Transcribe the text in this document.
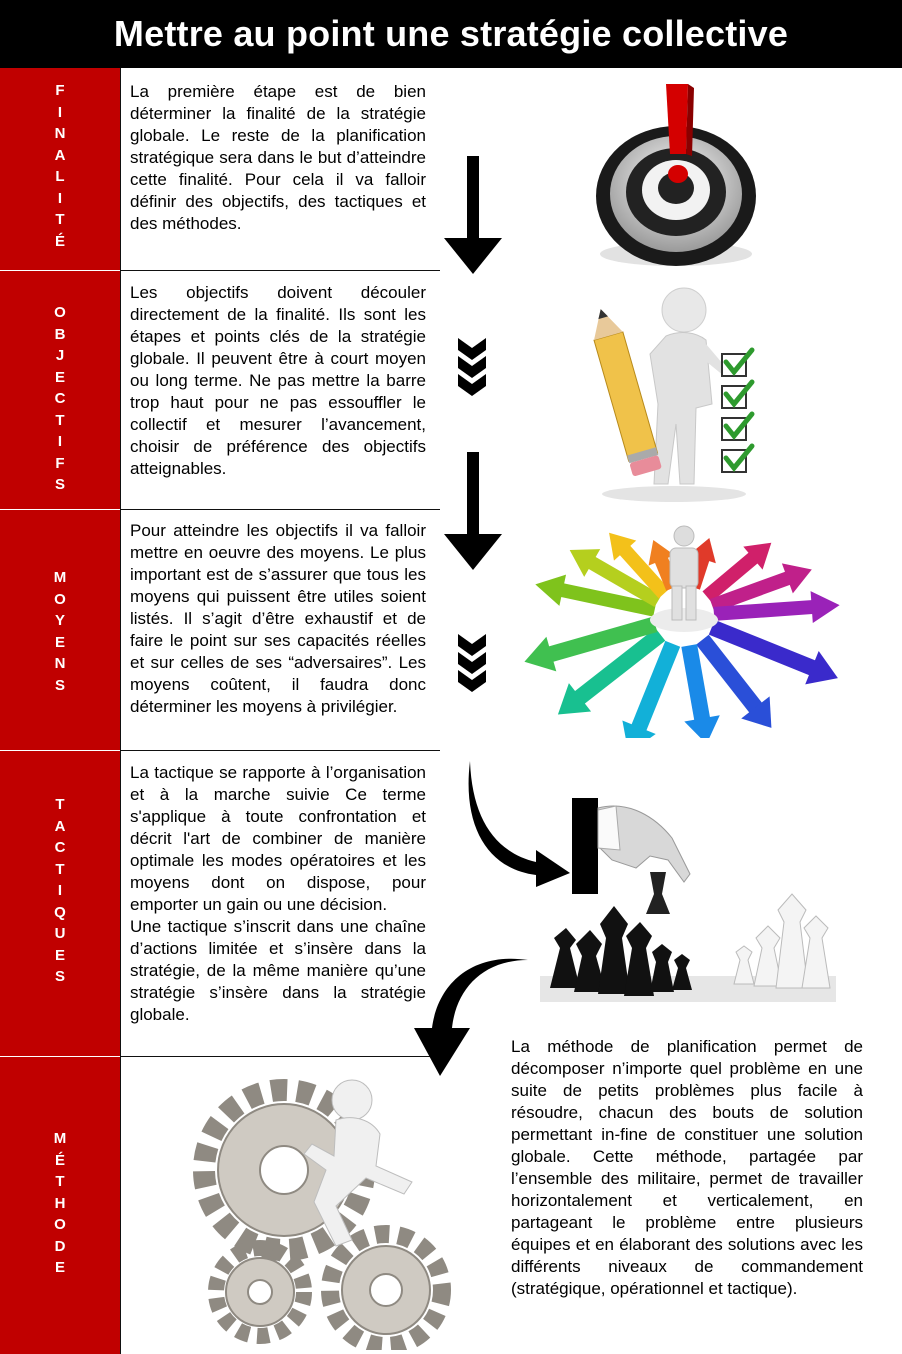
Mettre au point une stratégie collective
F
I
N
A
L
I
T
É
O
B
J
E
C
T
I
F
S
M
O
Y
E
N
S
T
A
C
T
I
Q
U
E
S
M
É
T
H
O
D
E
La première étape est de bien déterminer la finalité de la stratégie globale. Le reste de la planification stratégique sera dans le but d’atteindre cette finalité. Pour cela il va falloir définir des objectifs, des tactiques et des méthodes.
Les objectifs doivent découler directement de la finalité. Ils sont les étapes et points clés de la stratégie globale. Il peuvent être à court moyen ou long terme. Ne pas mettre la barre trop haut pour ne pas essouffler le collectif et mesurer l’avancement, choisir de préférence des objectifs atteignables.
Pour atteindre les objectifs il va falloir mettre en oeuvre des moyens. Le plus important est de s’assurer que tous les moyens qui puissent être utiles soient listés. Il s’agit d’être exhaustif et de faire le point sur ses capacités réelles et sur celles de ses “adversaires”. Les moyens coûtent, il faudra donc déterminer les moyens à privilégier.
La tactique se rapporte à l’organisation et à la marche suivie Ce terme s'applique à toute confrontation et décrit l'art de combiner de manière optimale les modes opératoires et les moyens dont on dispose, pour emporter un gain ou une décision.
Une tactique s’inscrit dans une chaîne d’actions limitée et s’insère dans la stratégie, de la même manière qu’une stratégie s’insère dans la stratégie globale.
La méthode de planification permet de décomposer n’importe quel problème en une suite de petits problèmes plus facile à résoudre, chacun des bouts de solution permettant in-fine de constituer une solution globale. Cette méthode, partagée par l’ensemble des militaire, permet de travailler horizontalement et verticalement, en partageant le problème entre plusieurs équipes et en élaborant des solutions avec les différents niveaux de commandement (stratégique, opérationnel et tactique).
